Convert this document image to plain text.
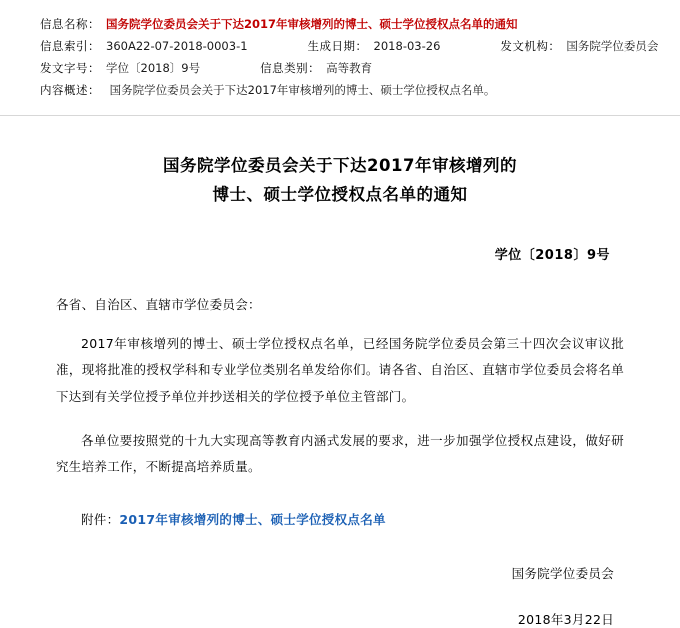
信息名称： 国务院学位委员会关于下达2017年审核增列的博士、硕士学位授权点名单的通知
信息索引： 360A22-07-2018-0003-1	生成日期： 2018-03-26	发文机构： 国务院学位委员会
发文字号： 学位〔2018〕9号	信息类别： 高等教育
内容概述： 国务院学位委员会关于下达2017年审核增列的博士、硕士学位授权点名单。
国务院学位委员会关于下达2017年审核增列的
博士、硕士学位授权点名单的通知
学位〔2018〕9号
各省、自治区、直辖市学位委员会：
2017年审核增列的博士、硕士学位授权点名单，已经国务院学位委员会第三十四次会议审议批准，现将批准的授权学科和专业学位类别名单发给你们。请各省、自治区、直辖市学位委员会将名单下达到有关学位授予单位并抄送相关的学位授予单位主管部门。
各单位要按照党的十九大实现高等教育内涵式发展的要求，进一步加强学位授权点建设，做好研究生培养工作，不断提高培养质量。
附件：2017年审核增列的博士、硕士学位授权点名单
国务院学位委员会
2018年3月22日
